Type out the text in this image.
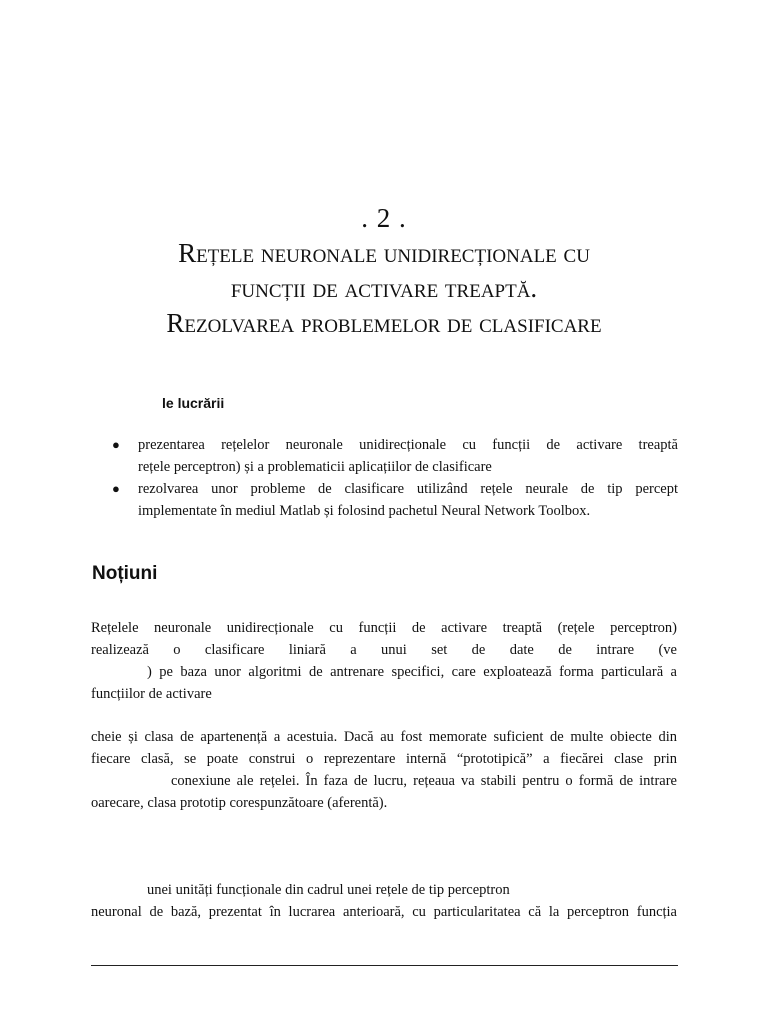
. 2 .
Rețele neuronale unidirecționale cu
funcții de activare treaptă.
Rezolvarea problemelor de clasificare
le lucrării
● prezentarea rețelelor neuronale unidirecționale cu funcții de activare treaptă
rețele perceptron) și a problematicii aplicațiilor de clasificare
● rezolvarea unor probleme de clasificare utilizând rețele neurale de tip percept
implementate în mediul Matlab și folosind pachetul Neural Network Toolbox.
Noțiuni
Rețelele neuronale unidirecționale cu funcții de activare treaptă (rețele perceptron)
realizează o clasificare liniară a unui set de date de intrare (ve
) pe baza unor algoritmi de antrenare specifici, care exploatează forma particulară a
funcțiilor de activare
cheie și clasa de apartenență a acestuia. Dacă au fost memorate suficient de multe obiecte din
fiecare clasă, se poate construi o reprezentare internă “prototipică” a fiecărei clase prin
conexiune ale rețelei. În faza de lucru, rețeaua va stabili pentru o formă de intrare
oarecare, clasa prototip corespunzătoare (aferentă).
unei unități funcționale din cadrul unei rețele de tip perceptron
neuronal de bază, prezentat în lucrarea anterioară, cu particularitatea că la perceptron funcția
